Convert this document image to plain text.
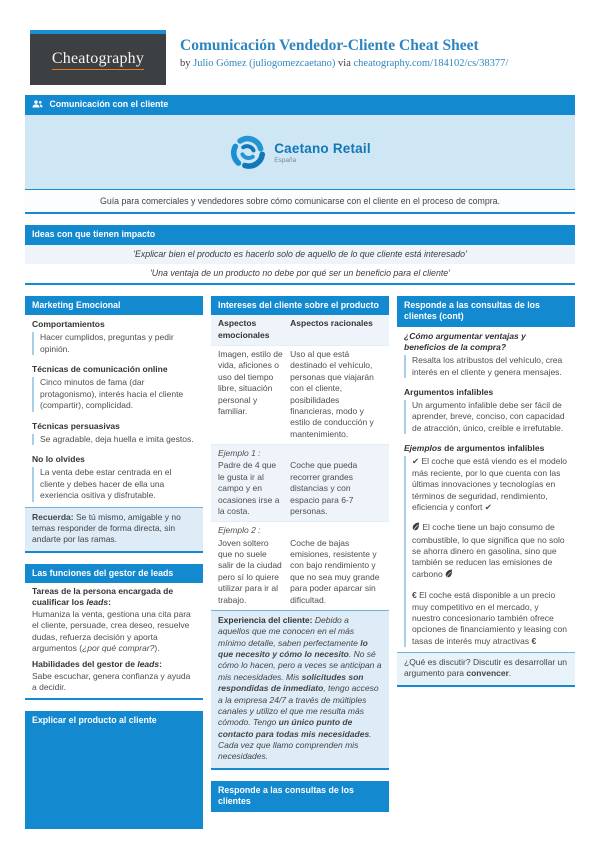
Cheatography
Comunicación Vendedor-Cliente Cheat Sheet
by Julio Gómez (juliogomezcaetano) via cheatography.com/184102/cs/38377/
Comunicación con el cliente
Caetano Retail
España
Guía para comerciales y vendedores sobre cómo comunicarse con el cliente en el proceso de compra.
Ideas con que tienen impacto
'Explicar bien el producto es hacerlo solo de aquello de lo que cliente está interesado'
'Una ventaja de un producto no debe por qué ser un beneficio para el cliente'
Marketing Emocional
Comportamientos
Hacer cumplidos, preguntas y pedir opinión.
Técnicas de comunicación online
Cinco minutos de fama (dar protagonismo), interés hacia el cliente (compartir), complicidad.
Técnicas persuasivas
Se agradable, deja huella e imita gestos.
No lo olvides
La venta debe estar centrada en el cliente y debes hacer de ella una exeriencia ositiva y disfrutable.
Recuerda: Se tú mismo, amigable y no temas responder de forma directa, sin andarte por las ramas.
Las funciones del gestor de leads
Tareas de la persona encargada de cualificar los leads:
Humaniza la venta, gestiona una cita para el cliente, persuade, crea deseo, resuelve dudas, refuerza decisión y aporta argumentos (¿por qué comprar?).
Habilidades del gestor de leads:
Sabe escuchar, genera confianza y ayuda a decidir.
Explicar el producto al cliente
Intereses del cliente sobre el producto
Aspectos emocionales
Aspectos racionales
Imagen, estilo de vida, aficiones o uso del tiempo libre, situación personal y familiar.
Uso al que está destinado el vehículo, personas que viajarán con el cliente, posibilidades financieras, modo y estilo de conducción y mantenimiento.
Ejemplo 1 :
Padre de 4 que le gusta ir al campo y en ocasiones irse a la costa.
Coche que pueda recorrer grandes distancias y con espacio para 6-7 personas.
Ejemplo 2 :
Joven soltero que no suele salir de la ciudad pero sí lo quiere utilizar para ir al trabajo.
Coche de bajas emisiones, resistente y con bajo rendimiento y que no sea muy grande para poder aparcar sin dificultad.
Experiencia del cliente: Debido a aquellos que me conocen en el más mínimo detalle, saben perfectamente lo que necesito y cómo lo necesito. No sé cómo lo hacen, pero a veces se anticipan a mis necesidades. Mis solicitudes son respondidas de inmediato, tengo acceso a la empresa 24/7 a través de múltiples canales y utilizo el que me resulta más cómodo. Tengo un único punto de contacto para todas mis necesidades. Cada vez que llamo comprenden mis necesidades.
Responde a las consultas de los clientes
Responde a las consultas de los clientes (cont)
¿Cómo argumentar ventajas y beneficios de la compra?
Resalta los atribustos del vehículo, crea interés en el cliente y genera mensajes.
Argumentos infalibles
Un argumento infalible debe ser fácil de aprender, breve, conciso, con capacidad de atracción, único, creíble e irrefutable.
Ejemplos de argumentos infalibles
✔ El coche que está viendo es el modelo más reciente, por lo que cuenta con las últimas innovaciones y tecnologías en términos de seguridad, rendimiento, eficiencia y confort ✔
El coche tiene un bajo consumo de combustible, lo que significa que no solo se ahorra dinero en gasolina, sino que también se reducen las emisiones de carbono
€ El coche está disponible a un precio muy competitivo en el mercado, y nuestro concesionario también ofrece opciones de financiamiento y leasing con tasas de interés muy atractivas €
¿Qué es discutir? Discutir es desarrollar un argumento para convencer.
